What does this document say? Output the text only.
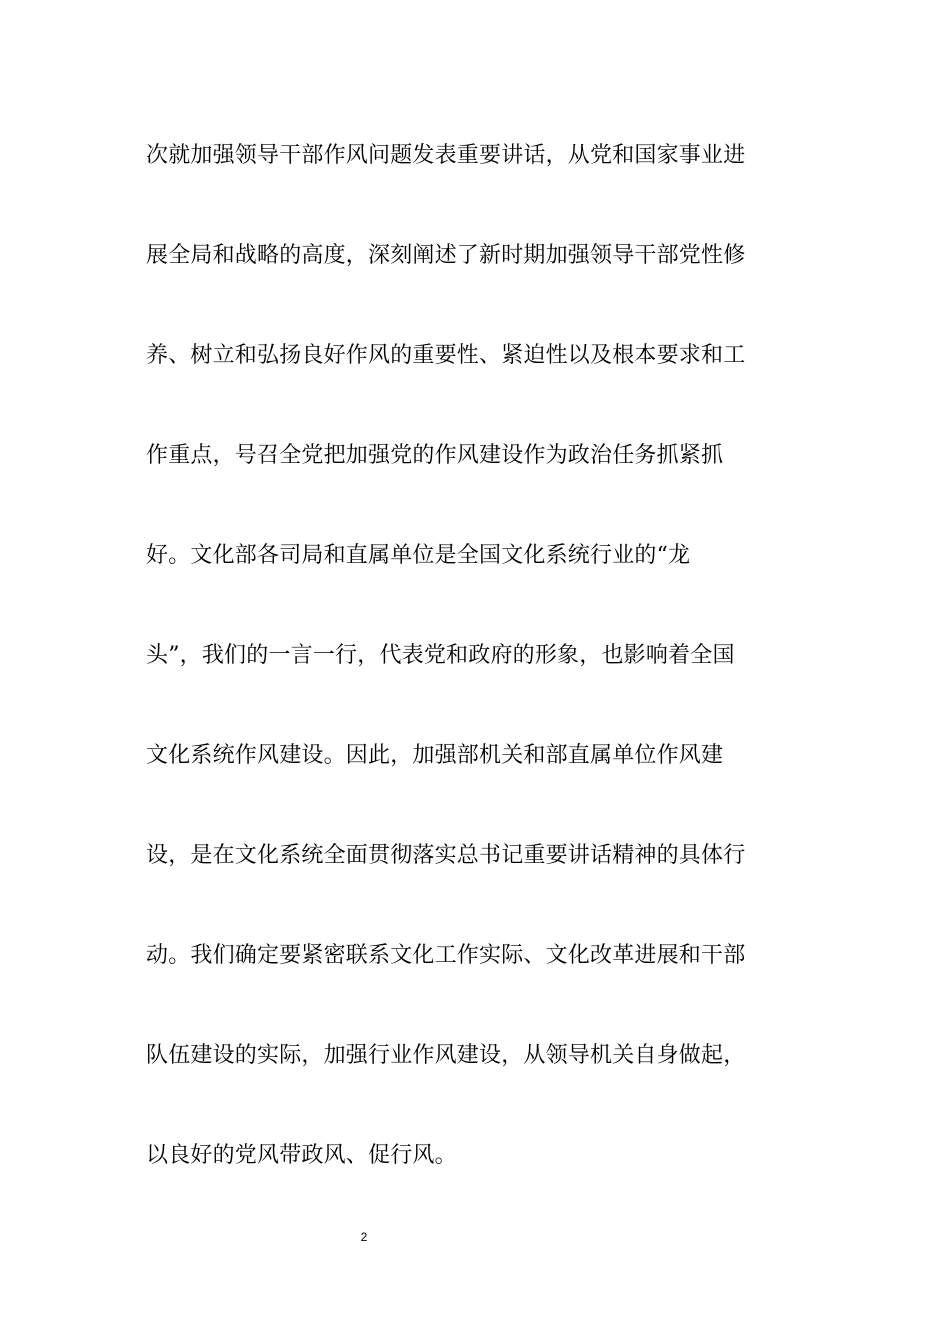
次就加强领导干部作风问题发表重要讲话，从党和国家事业进
展全局和战略的高度，深刻阐述了新时期加强领导干部党性修
养、树立和弘扬良好作风的重要性、紧迫性以及根本要求和工
作重点，号召全党把加强党的作风建设作为政治任务抓紧抓
好。文化部各司局和直属单位是全国文化系统行业的“龙
头”，我们的一言一行，代表党和政府的形象，也影响着全国
文化系统作风建设。因此，加强部机关和部直属单位作风建
设，是在文化系统全面贯彻落实总书记重要讲话精神的具体行
动。我们确定要紧密联系文化工作实际、文化改革进展和干部
队伍建设的实际，加强行业作风建设，从领导机关自身做起，
以良好的党风带政风、促行风。
2
